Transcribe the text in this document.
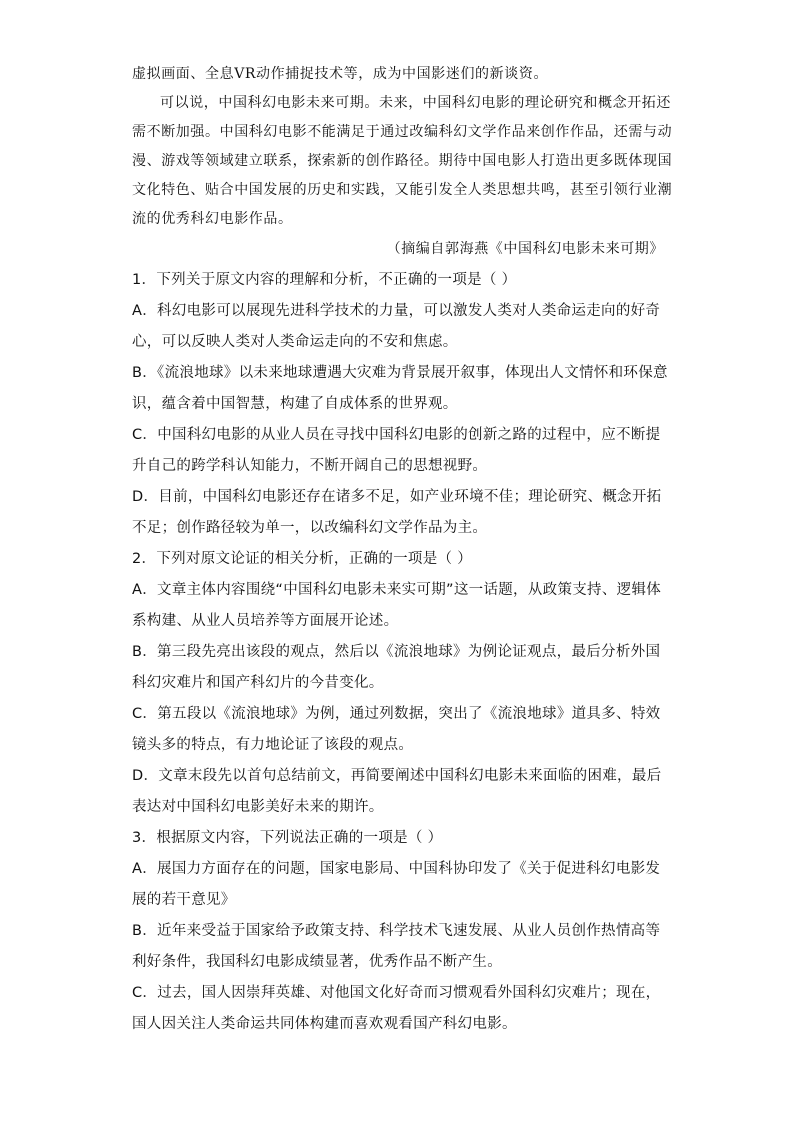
虚拟画面、全息VR动作捕捉技术等，成为中国影迷们的新谈资。

可以说，中国科幻电影未来可期。未来，中国科幻电影的理论研究和概念开拓还需不断加强。中国科幻电影不能满足于通过改编科幻文学作品来创作作品，还需与动漫、游戏等领域建立联系，探索新的创作路径。期待中国电影人打造出更多既体现国文化特色、贴合中国发展的历史和实践，又能引发全人类思想共鸣，甚至引领行业潮流的优秀科幻电影作品。

（摘编自郭海燕《中国科幻电影未来可期》

1．下列关于原文内容的理解和分析，不正确的一项是（ ）

A．科幻电影可以展现先进科学技术的力量，可以激发人类对人类命运走向的好奇心，可以反映人类对人类命运走向的不安和焦虑。

B．《流浪地球》以未来地球遭遇大灾难为背景展开叙事，体现出人文情怀和环保意识，蕴含着中国智慧，构建了自成体系的世界观。

C．中国科幻电影的从业人员在寻找中国科幻电影的创新之路的过程中，应不断提升自己的跨学科认知能力，不断开阔自己的思想视野。

D．目前，中国科幻电影还存在诸多不足，如产业环境不佳；理论研究、概念开拓不足；创作路径较为单一，以改编科幻文学作品为主。

2．下列对原文论证的相关分析，正确的一项是（ ）

A．文章主体内容围绕“中国科幻电影未来实可期”这一话题，从政策支持、逻辑体系构建、从业人员培养等方面展开论述。

B．第三段先亮出该段的观点，然后以《流浪地球》为例论证观点，最后分析外国科幻灾难片和国产科幻片的今昔变化。

C．第五段以《流浪地球》为例，通过列数据，突出了《流浪地球》道具多、特效镜头多的特点，有力地论证了该段的观点。

D．文章末段先以首句总结前文，再简要阐述中国科幻电影未来面临的困难，最后表达对中国科幻电影美好未来的期许。

3．根据原文内容，下列说法正确的一项是（ ）

A．展国力方面存在的问题，国家电影局、中国科协印发了《关于促进科幻电影发展的若干意见》

B．近年来受益于国家给予政策支持、科学技术飞速发展、从业人员创作热情高等利好条件，我国科幻电影成绩显著，优秀作品不断产生。

C．过去，国人因崇拜英雄、对他国文化好奇而习惯观看外国科幻灾难片；现在，国人因关注人类命运共同体构建而喜欢观看国产科幻电影。
